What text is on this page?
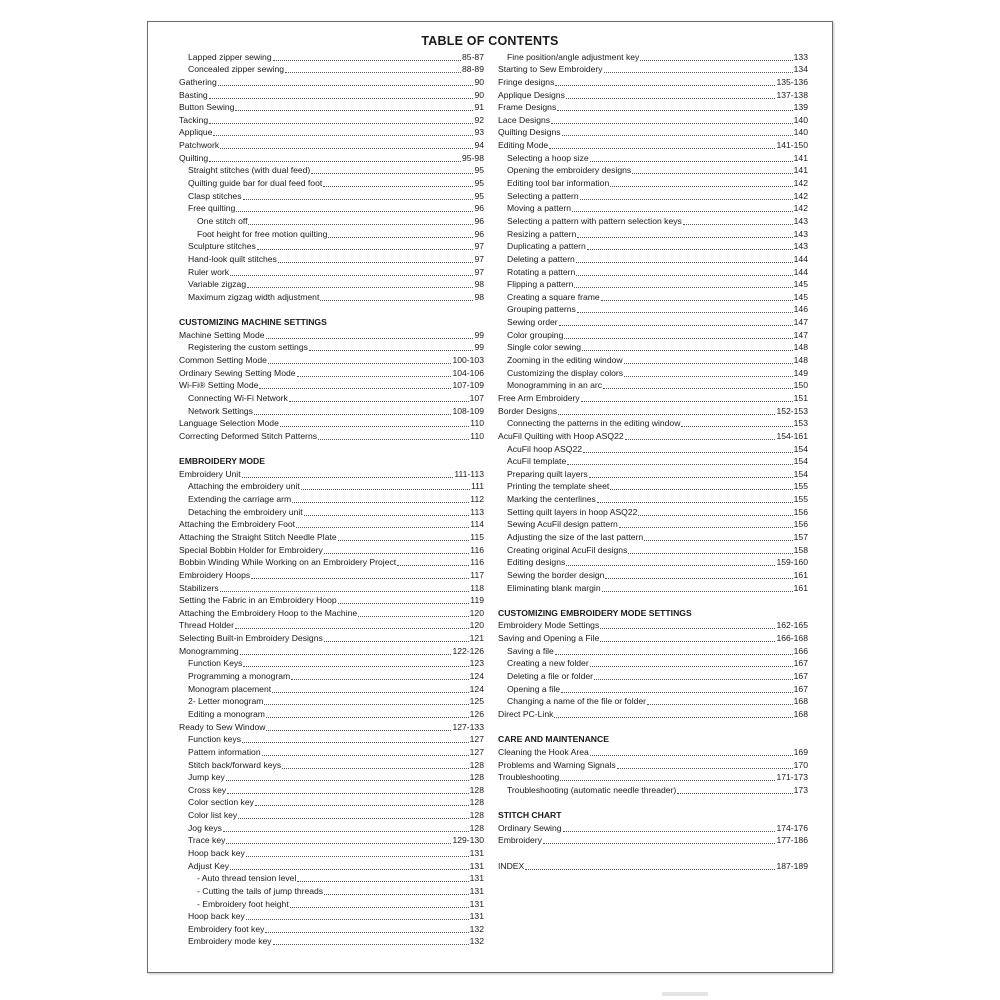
TABLE OF CONTENTS
Lapped zipper sewing	85-87
Concealed zipper sewing	88-89
Gathering	90
Basting	90
Button Sewing	91
Tacking	92
Applique	93
Patchwork	94
Quilting	95-98
Straight stitches (with dual feed)	95
Quilting guide bar for dual feed foot	95
Clasp stitches	95
Free quilting	96
One stitch off	96
Foot height for free motion quilting	96
Sculpture stitches	97
Hand-look quilt stitches	97
Ruler work	97
Variable zigzag	98
Maximum zigzag width adjustment	98
CUSTOMIZING MACHINE SETTINGS
Machine Setting Mode	99
Registering the custom settings	99
Common Setting Mode	100-103
Ordinary Sewing Setting Mode	104-106
Wi-Fi® Setting Mode	107-109
Connecting Wi-Fi Network	107
Network Settings	108-109
Language Selection Mode	110
Correcting Deformed Stitch Patterns	110
EMBROIDERY MODE
Embroidery Unit	111-113
Attaching the embroidery unit	111
Extending the carriage arm	112
Detaching the embroidery unit	113
Attaching the Embroidery Foot	114
Attaching the Straight Stitch Needle Plate	115
Special Bobbin Holder for Embroidery	116
Bobbin Winding While Working on an Embroidery Project	116
Embroidery Hoops	117
Stabilizers	118
Setting the Fabric in an Embroidery Hoop	119
Attaching the Embroidery Hoop to the Machine	120
Thread Holder	120
Selecting Built-in Embroidery Designs	121
Monogramming	122-126
Function Keys	123
Programming a monogram	124
Monogram placement	124
2- Letter monogram	125
Editing a monogram	126
Ready to Sew Window	127-133
Function keys	127
Pattern information	127
Stitch back/forward keys	128
Jump key	128
Cross key	128
Color section key	128
Color list key	128
Jog keys	128
Trace key	129-130
Hoop back key	131
Adjust Key	131
- Auto thread tension level	131
- Cutting the tails of jump threads	131
- Embroidery foot height	131
Hoop back key	131
Embroidery foot key	132
Embroidery mode key	132
Fine position/angle adjustment key	133
Starting to Sew Embroidery	134
Fringe designs	135-136
Applique Designs	137-138
Frame Designs	139
Lace Designs	140
Quilting Designs	140
Editing Mode	141-150
Selecting a hoop size	141
Opening the embroidery designs	141
Editing tool bar information	142
Selecting a pattern	142
Moving a pattern	142
Selecting a pattern with pattern selection keys	143
Resizing a pattern	143
Duplicating a pattern	143
Deleting a pattern	144
Rotating a pattern	144
Flipping a pattern	145
Creating a square frame	145
Grouping patterns	146
Sewing order	147
Color grouping	147
Single color sewing	148
Zooming in the editing window	148
Customizing the display colors	149
Monogramming in an arc	150
Free Arm Embroidery	151
Border Designs	152-153
Connecting the patterns in the editing window	153
AcuFil Quilting with Hoop ASQ22	154-161
AcuFil hoop ASQ22	154
AcuFil template	154
Preparing quilt layers	154
Printing the template sheet	155
Marking the centerlines	155
Setting quilt layers in hoop ASQ22	156
Sewing AcuFil design pattern	156
Adjusting the size of the last pattern	157
Creating original AcuFil designs	158
Editing designs	159-160
Sewing the border design	161
Eliminating blank margin	161
CUSTOMIZING EMBROIDERY MODE SETTINGS
Embroidery Mode Settings	162-165
Saving and Opening a File	166-168
Saving a file	166
Creating a new folder	167
Deleting a file or folder	167
Opening a file	167
Changing a name of the file or folder	168
Direct PC-Link	168
CARE AND MAINTENANCE
Cleaning the Hook Area	169
Problems and Warning Signals	170
Troubleshooting	171-173
Troubleshooting (automatic needle threader)	173
STITCH CHART
Ordinary Sewing	174-176
Embroidery	177-186
INDEX	187-189
